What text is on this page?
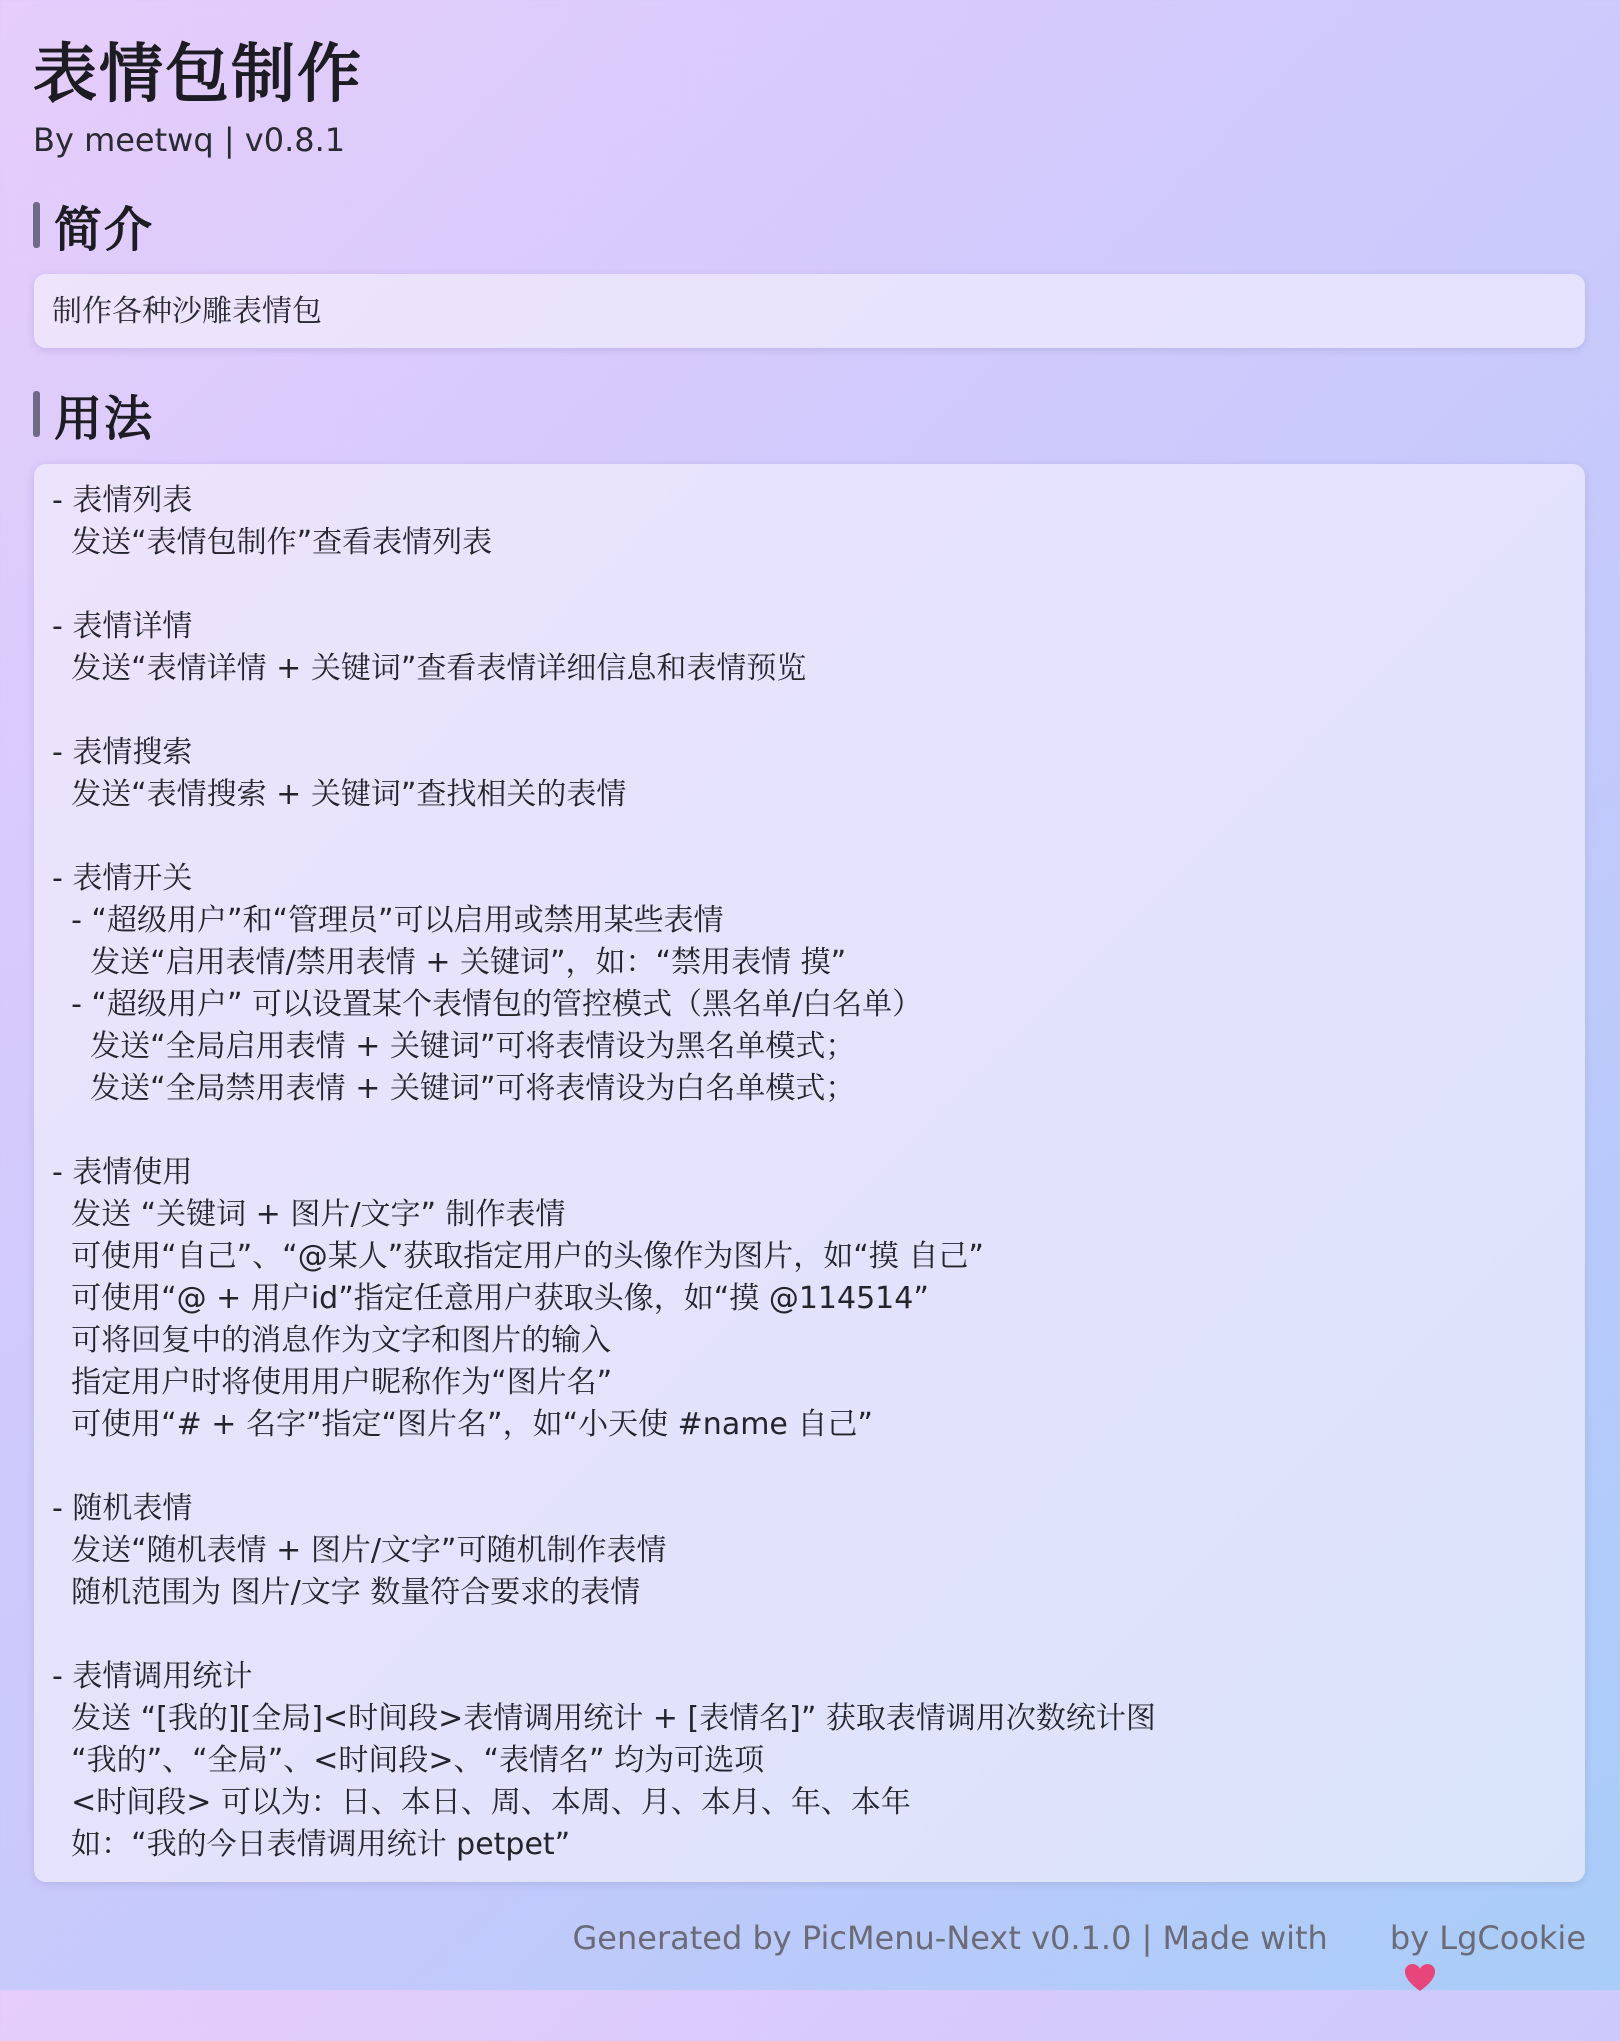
表情包制作
By meetwq | v0.8.1
简介
制作各种沙雕表情包
用法
- 表情列表
发送“表情包制作”查看表情列表
- 表情详情
发送“表情详情 + 关键词”查看表情详细信息和表情预览
- 表情搜索
发送“表情搜索 + 关键词”查找相关的表情
- 表情开关
- “超级用户”和“管理员”可以启用或禁用某些表情
发送“启用表情/禁用表情 + 关键词”，如：“禁用表情 摸”
- “超级用户” 可以设置某个表情包的管控模式（黑名单/白名单）
发送“全局启用表情 + 关键词”可将表情设为黑名单模式；
发送“全局禁用表情 + 关键词”可将表情设为白名单模式；
- 表情使用
发送 “关键词 + 图片/文字” 制作表情
可使用“自己”、“@某人”获取指定用户的头像作为图片，如“摸 自己”
可使用“@ + 用户id”指定任意用户获取头像，如“摸 @114514”
可将回复中的消息作为文字和图片的输入
指定用户时将使用用户昵称作为“图片名”
可使用“# + 名字”指定“图片名”，如“小天使 #name 自己”
- 随机表情
发送“随机表情 + 图片/文字”可随机制作表情
随机范围为 图片/文字 数量符合要求的表情
- 表情调用统计
发送 “[我的][全局]<时间段>表情调用统计 + [表情名]” 获取表情调用次数统计图
“我的”、“全局”、<时间段>、“表情名” 均为可选项
<时间段> 可以为：日、本日、周、本周、月、本月、年、本年
如：“我的今日表情调用统计 petpet”
Generated by PicMenu-Next v0.1.0 | Made with

by LgCookie
